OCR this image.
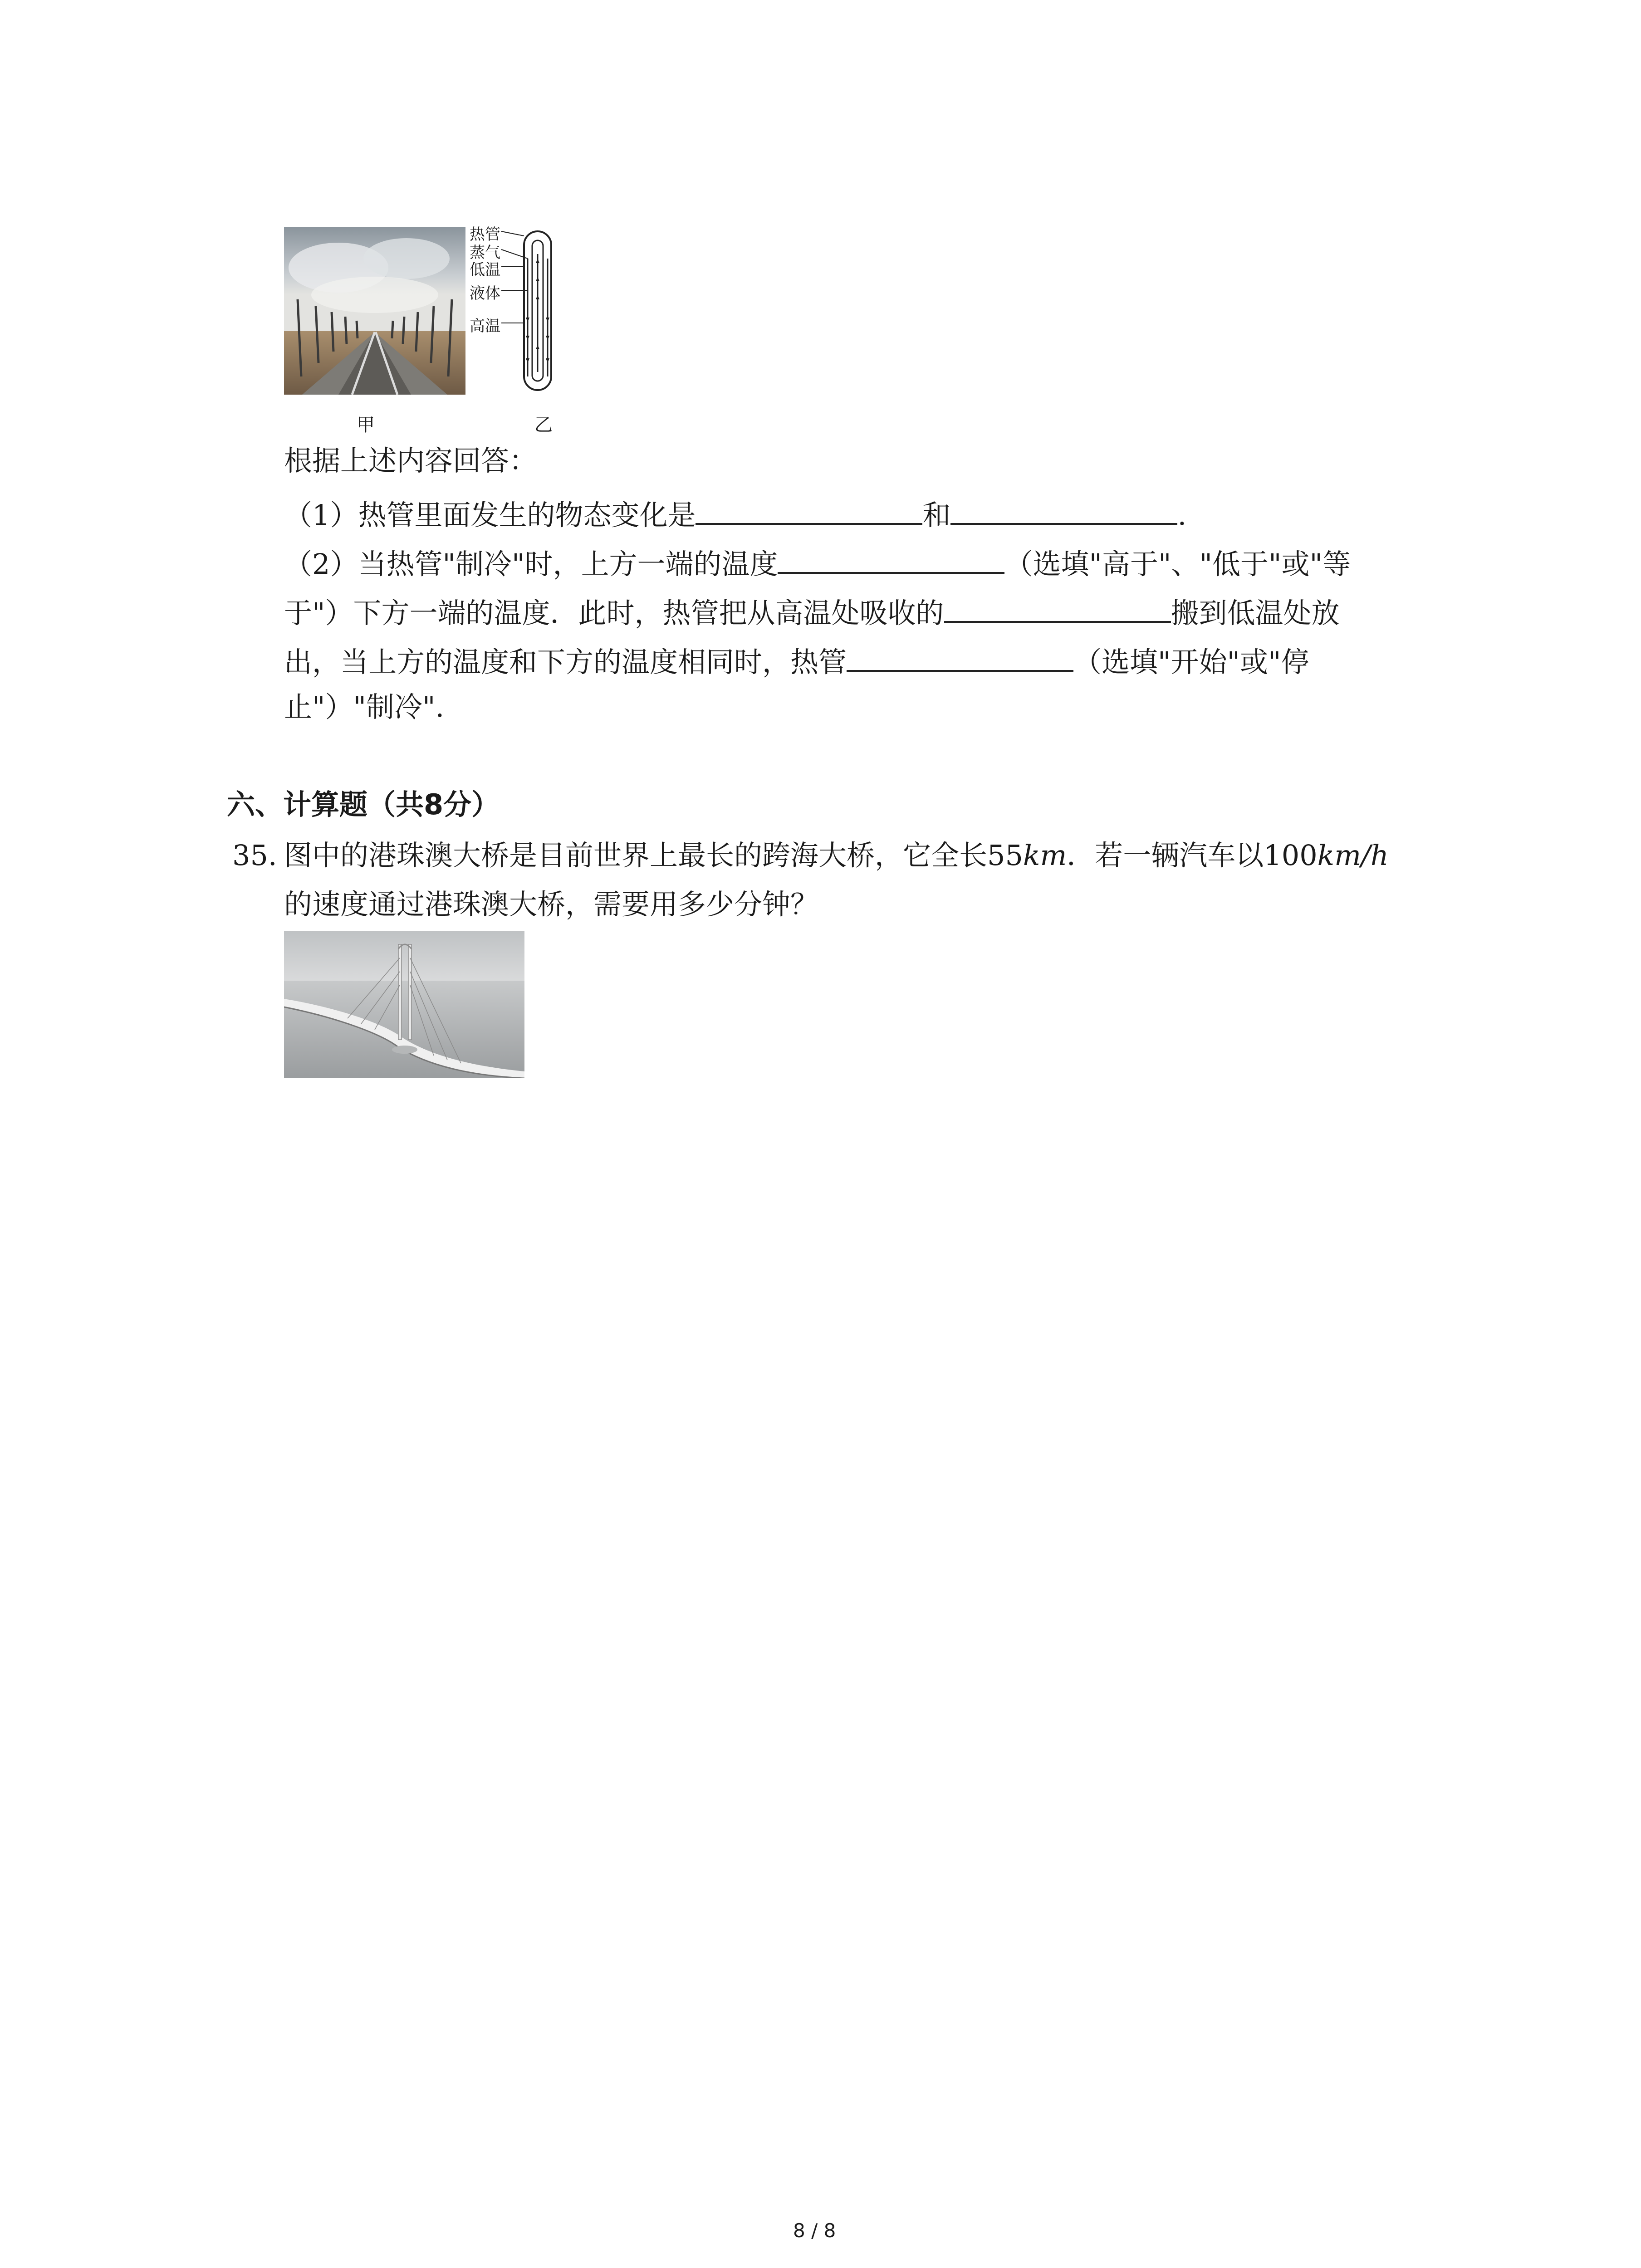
热管
蒸气
低温
液体
高温
甲	乙
根据上述内容回答：
（1）热管里面发生的物态变化是	和	.
（2）当热管"制冷"时，上方一端的温度	（选填"高于"、"低于"或"等
于"）下方一端的温度．此时，热管把从高温处吸收的	搬到低温处放
出，当上方的温度和下方的温度相同时，热管	（选填"开始"或"停
止"）"制冷".
六、计算题（共8分）
35. 图中的港珠澳大桥是目前世界上最长的跨海大桥，它全长55km．若一辆汽车以100km/h
的速度通过港珠澳大桥，需要用多少分钟？
8 / 8
